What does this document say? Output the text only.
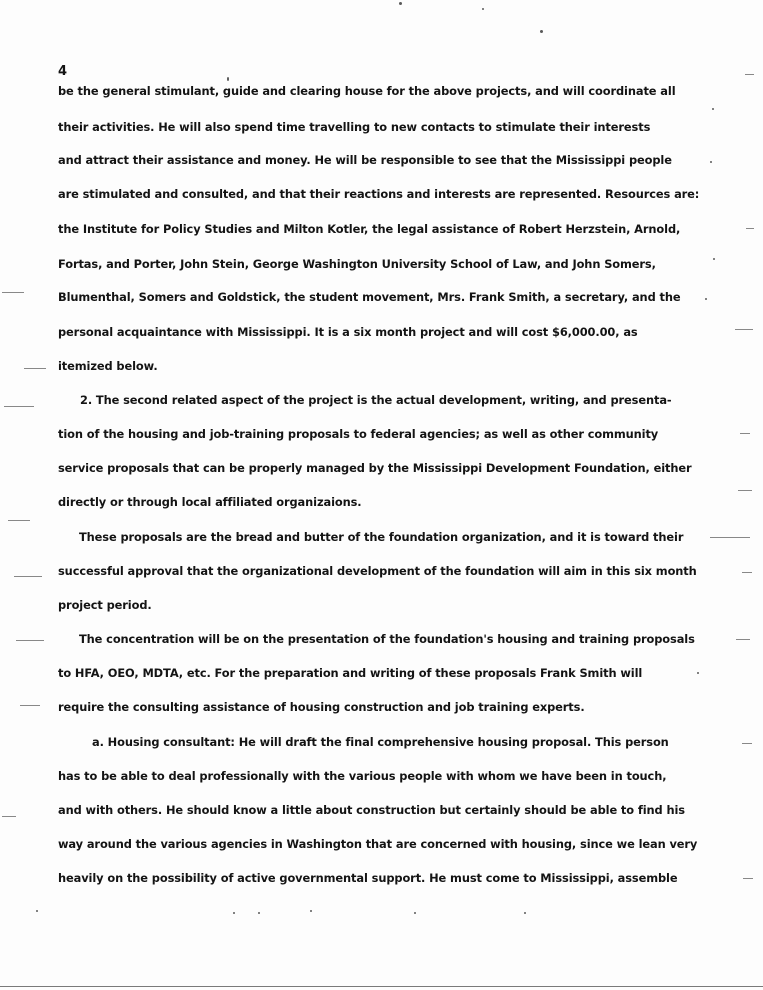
4
be the general stimulant, guide and clearing house for the above projects, and will coordinate all
their activities. He will also spend time travelling to new contacts to stimulate their interests
and attract their assistance and money. He will be responsible to see that the Mississippi people
are stimulated and consulted, and that their reactions and interests are represented. Resources are:
the Institute for Policy Studies and Milton Kotler, the legal assistance of Robert Herzstein, Arnold,
Fortas, and Porter, John Stein, George Washington University School of Law, and John Somers,
Blumenthal, Somers and Goldstick, the student movement, Mrs. Frank Smith, a secretary, and the
personal acquaintance with Mississippi. It is a six month project and will cost $6,000.00, as
itemized below.
2. The second related aspect of the project is the actual development, writing, and presenta-
tion of the housing and job-training proposals to federal agencies; as well as other community
service proposals that can be properly managed by the Mississippi Development Foundation, either
directly or through local affiliated organizaions.
These proposals are the bread and butter of the foundation organization, and it is toward their
successful approval that the organizational development of the foundation will aim in this six month
project period.
The concentration will be on the presentation of the foundation's housing and training proposals
to HFA, OEO, MDTA, etc. For the preparation and writing of these proposals Frank Smith will
require the consulting assistance of housing construction and job training experts.
a. Housing consultant: He will draft the final comprehensive housing proposal. This person
has to be able to deal professionally with the various people with whom we have been in touch,
and with others. He should know a little about construction but certainly should be able to find his
way around the various agencies in Washington that are concerned with housing, since we lean very
heavily on the possibility of active governmental support. He must come to Mississippi, assemble
